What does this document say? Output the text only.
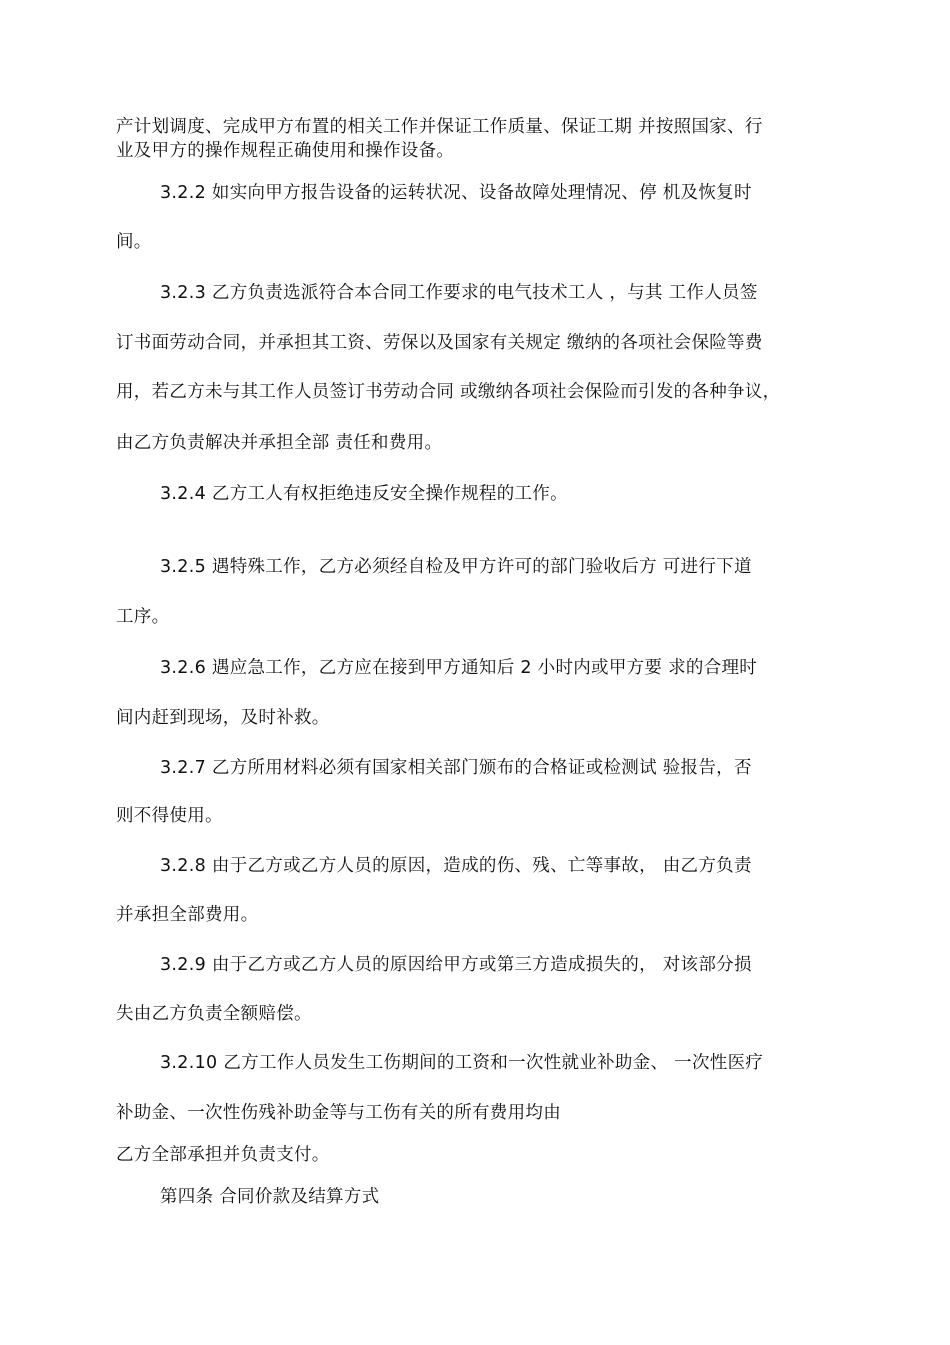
产计划调度、完成甲方布置的相关工作并保证工作质量、保证工期 并按照国家、行
业及甲方的操作规程正确使用和操作设备。
3.2.2 如实向甲方报告设备的运转状况、设备故障处理情况、停 机及恢复时
间。
3.2.3 乙方负责选派符合本合同工作要求的电气技术工人 ，与其 工作人员签
订书面劳动合同，并承担其工资、劳保以及国家有关规定 缴纳的各项社会保险等费
用，若乙方未与其工作人员签订书劳动合同 或缴纳各项社会保险而引发的各种争议，
由乙方负责解决并承担全部 责任和费用。
3.2.4 乙方工人有权拒绝违反安全操作规程的工作。
3.2.5 遇特殊工作，乙方必须经自检及甲方许可的部门验收后方 可进行下道
工序。
3.2.6 遇应急工作，乙方应在接到甲方通知后 2 小时内或甲方要 求的合理时
间内赶到现场，及时补救。
3.2.7 乙方所用材料必须有国家相关部门颁布的合格证或检测试 验报告，否
则不得使用。
3.2.8 由于乙方或乙方人员的原因，造成的伤、残、亡等事故， 由乙方负责
并承担全部费用。
3.2.9 由于乙方或乙方人员的原因给甲方或第三方造成损失的， 对该部分损
失由乙方负责全额赔偿。
3.2.10 乙方工作人员发生工伤期间的工资和一次性就业补助金、 一次性医疗
补助金、一次性伤残补助金等与工伤有关的所有费用均由
乙方全部承担并负责支付。
第四条 合同价款及结算方式
